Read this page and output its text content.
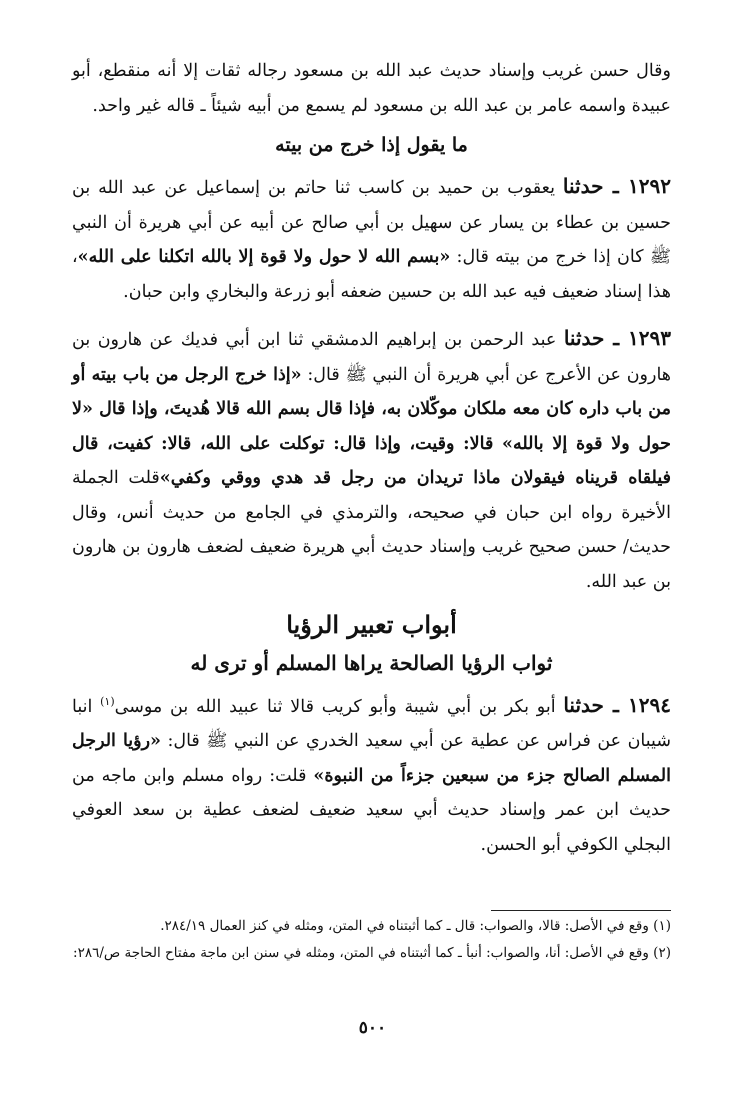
وقال حسن غريب وإسناد حديث عبد الله بن مسعود رجاله ثقات إلا أنه منقطع، أبو عبيدة واسمه عامر بن عبد الله بن مسعود لم يسمع من أبيه شيئاً ـ قاله غير واحد.

ما يقول إذا خرج من بيته

١٢٩٢ ـ حدثنا يعقوب بن حميد بن كاسب ثنا حاتم بن إسماعيل عن عبد الله بن حسين بن عطاء بن يسار عن سهيل بن أبي صالح عن أبيه عن أبي هريرة أن النبي ﷺ كان إذا خرج من بيته قال: «بسم الله لا حول ولا قوة إلا بالله اتكلنا على الله»، هذا إسناد ضعيف فيه عبد الله بن حسين ضعفه أبو زرعة والبخاري وابن حبان.

١٢٩٣ ـ حدثنا عبد الرحمن بن إبراهيم الدمشقي ثنا ابن أبي فديك عن هارون بن هارون عن الأعرج عن أبي هريرة أن النبي ﷺ قال: «إذا خرج الرجل من باب بيته أو من باب داره كان معه ملكان موكّلان به، فإذا قال بسم الله قالا هُديتَ، وإذا قال «لا حول ولا قوة إلا بالله» قالا: وقيت، وإذا قال: توكلت على الله، قالا: كفيت، قال فيلقاه قريناه فيقولان ماذا تريدان من رجل قد هدي ووقي وكفي»قلت الجملة الأخيرة رواه ابن حبان في صحيحه، والترمذي في الجامع من حديث أنس، وقال حديث/ حسن صحيح غريب وإسناد حديث أبي هريرة ضعيف لضعف هارون بن هارون بن عبد الله.

أبواب تعبير الرؤيا
ثواب الرؤيا الصالحة يراها المسلم أو ترى له

١٢٩٤ ـ حدثنا أبو بكر بن أبي شيبة وأبو كريب قالا ثنا عبيد الله بن موسى$^{(١)}$ انبا شيبان عن فراس عن عطية عن أبي سعيد الخدري عن النبي ﷺ قال: «رؤيا الرجل المسلم الصالح جزء من سبعين جزءاً من النبوة» قلت: رواه مسلم وابن ماجه من حديث ابن عمر وإسناد حديث أبي سعيد ضعيف لضعف عطية بن سعد العوفي البجلي الكوفي أبو الحسن.

(١) وقع في الأصل: قالا، والصواب: قال ـ كما أثبتناه في المتن، ومثله في كنز العمال ٢٨٤/١٩.

(٢) وقع في الأصل: أنا، والصواب: أنبأ ـ كما أثبتناه في المتن، ومثله في سنن ابن ماجة مفتاح الحاجة ص/٢٨٦:

٥٠٠
